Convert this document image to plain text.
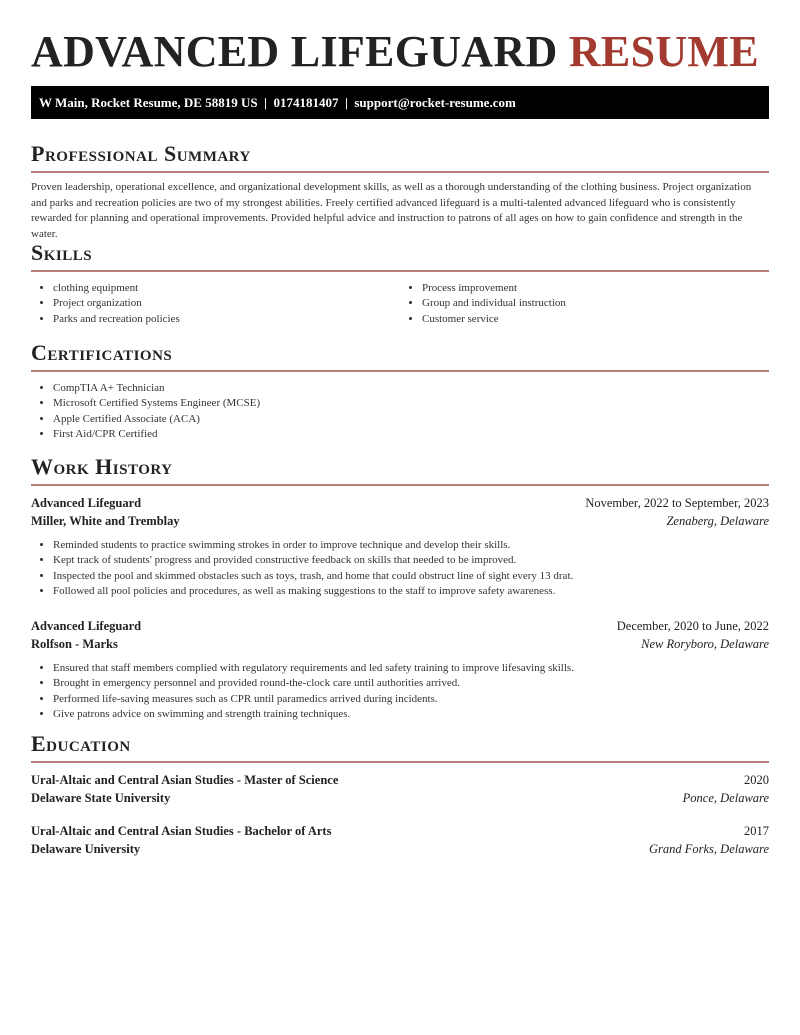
ADVANCED LIFEGUARD RESUME
W Main, Rocket Resume, DE 58819 US | 0174181407 | support@rocket-resume.com
Professional Summary
Proven leadership, operational excellence, and organizational development skills, as well as a thorough understanding of the clothing business. Project organization and parks and recreation policies are two of my strongest abilities. Freely certified advanced lifeguard is a multi-talented advanced lifeguard who is consistently rewarded for planning and operational improvements. Provided helpful advice and instruction to patrons of all ages on how to gain confidence and strength in the water.
Skills
• clothing equipment
• Project organization
• Parks and recreation policies
• Process improvement
• Group and individual instruction
• Customer service
Certifications
• CompTIA A+ Technician
• Microsoft Certified Systems Engineer (MCSE)
• Apple Certified Associate (ACA)
• First Aid/CPR Certified
Work History
Advanced Lifeguard	November, 2022 to September, 2023
Miller, White and Tremblay	Zenaberg, Delaware
• Reminded students to practice swimming strokes in order to improve technique and develop their skills.
• Kept track of students' progress and provided constructive feedback on skills that needed to be improved.
• Inspected the pool and skimmed obstacles such as toys, trash, and home that could obstruct line of sight every 13 drat.
• Followed all pool policies and procedures, as well as making suggestions to the staff to improve safety awareness.
Advanced Lifeguard	December, 2020 to June, 2022
Rolfson - Marks	New Roryboro, Delaware
• Ensured that staff members complied with regulatory requirements and led safety training to improve lifesaving skills.
• Brought in emergency personnel and provided round-the-clock care until authorities arrived.
• Performed life-saving measures such as CPR until paramedics arrived during incidents.
• Give patrons advice on swimming and strength training techniques.
Education
Ural-Altaic and Central Asian Studies - Master of Science	2020
Delaware State University	Ponce, Delaware
Ural-Altaic and Central Asian Studies - Bachelor of Arts	2017
Delaware University	Grand Forks, Delaware
